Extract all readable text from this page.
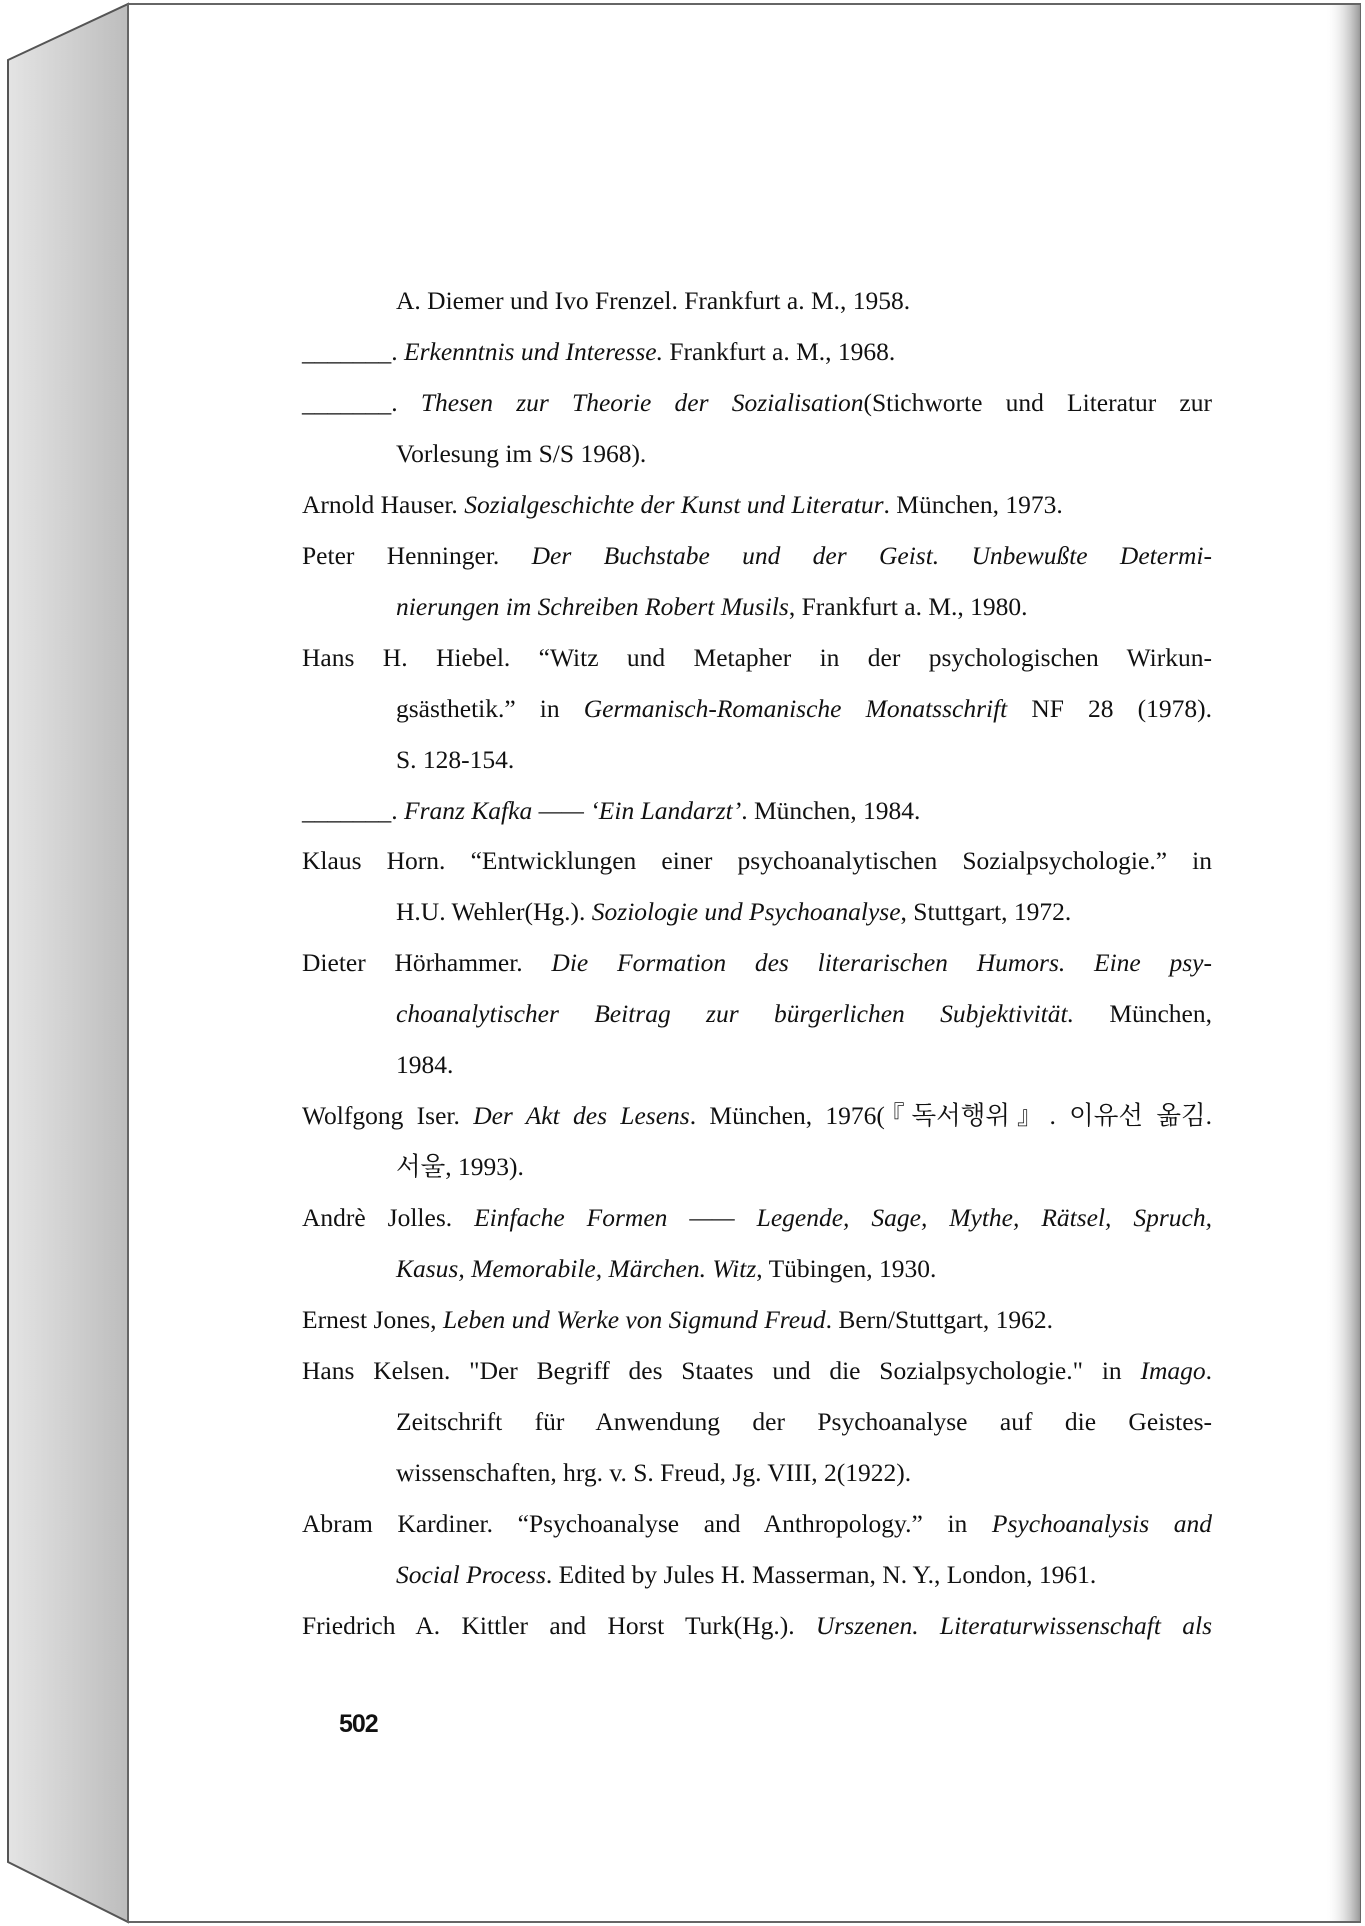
A. Diemer und Ivo Frenzel. Frankfurt a. M., 1958.
_______. Erkenntnis und Interesse. Frankfurt a. M., 1968.
_______. Thesen zur Theorie der Sozialisation(Stichworte und Literatur zur
Vorlesung im S/S 1968).
Arnold Hauser. Sozialgeschichte der Kunst und Literatur. München, 1973.
Peter Henninger. Der Buchstabe und der Geist. Unbewußte Determi-
nierungen im Schreiben Robert Musils, Frankfurt a. M., 1980.
Hans H. Hiebel. “Witz und Metapher in der psychologischen Wirkun-
gsästhetik.” in Germanisch-Romanische Monatsschrift NF 28 (1978).
S. 128-154.
_______. Franz Kafka —— ‘Ein Landarzt’. München, 1984.
Klaus Horn. “Entwicklungen einer psychoanalytischen Sozialpsychologie.” in
H.U. Wehler(Hg.). Soziologie und Psychoanalyse, Stuttgart, 1972.
Dieter Hörhammer. Die Formation des literarischen Humors. Eine psy-
choanalytischer Beitrag zur bürgerlichen Subjektivität. München,
1984.
Wolfgong Iser. Der Akt des Lesens. München, 1976(『독서행위』. 이유선 옮김.
서울, 1993).
Andrè Jolles. Einfache Formen —— Legende, Sage, Mythe, Rätsel, Spruch,
Kasus, Memorabile, Märchen. Witz, Tübingen, 1930.
Ernest Jones, Leben und Werke von Sigmund Freud. Bern/Stuttgart, 1962.
Hans Kelsen. "Der Begriff des Staates und die Sozialpsychologie." in Imago.
Zeitschrift für Anwendung der Psychoanalyse auf die Geistes-
wissenschaften, hrg. v. S. Freud, Jg. VIII, 2(1922).
Abram Kardiner. “Psychoanalyse and Anthropology.” in Psychoanalysis and
Social Process. Edited by Jules H. Masserman, N. Y., London, 1961.
Friedrich A. Kittler and Horst Turk(Hg.). Urszenen. Literaturwissenschaft als
502
